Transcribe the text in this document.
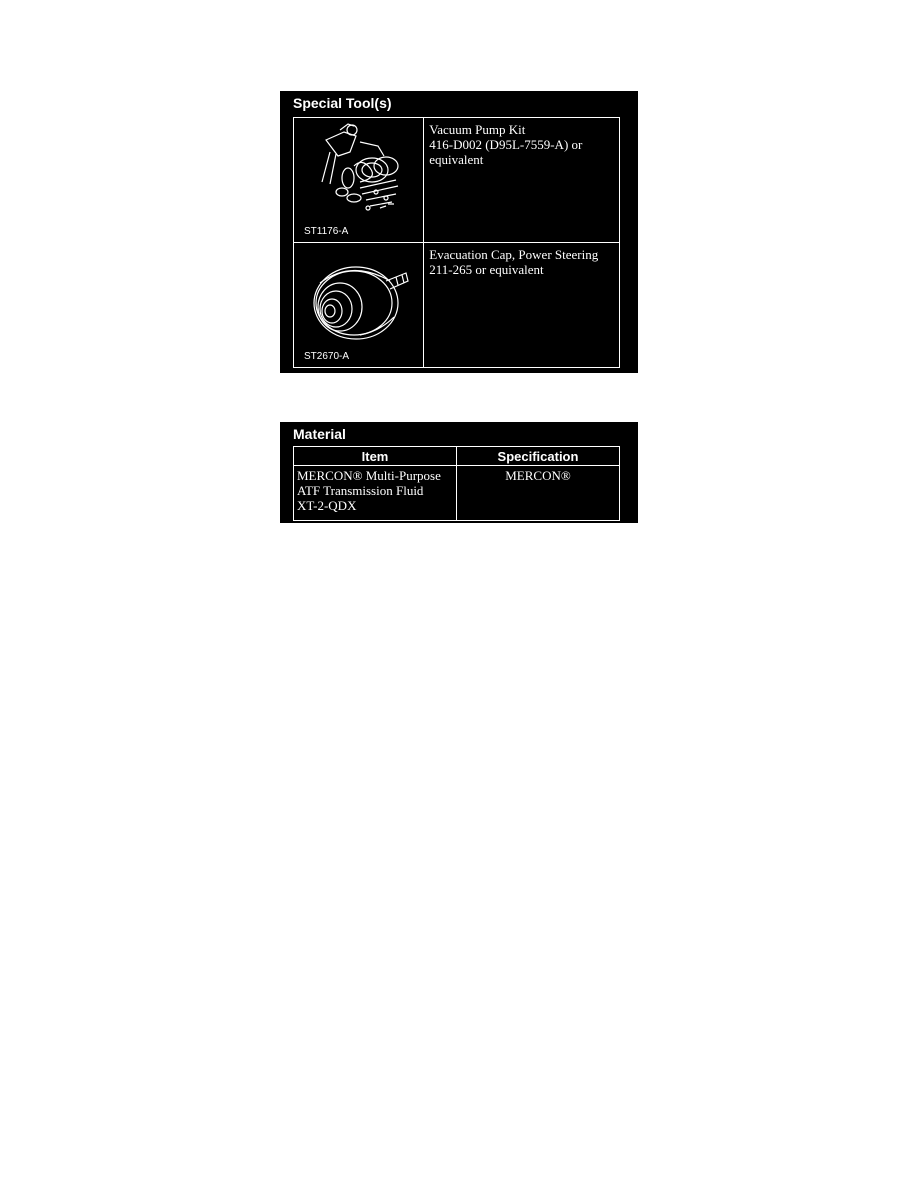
Special Tool(s)
ST1176-A	Vacuum Pump Kit
416-D002 (D95L-7559-A) or
equivalent

ST2670-A	Evacuation Cap, Power Steering
211-265 or equivalent
Material
Item	Specification

MERCON® Multi-Purpose
ATF Transmission Fluid
XT-2-QDX	MERCON®
